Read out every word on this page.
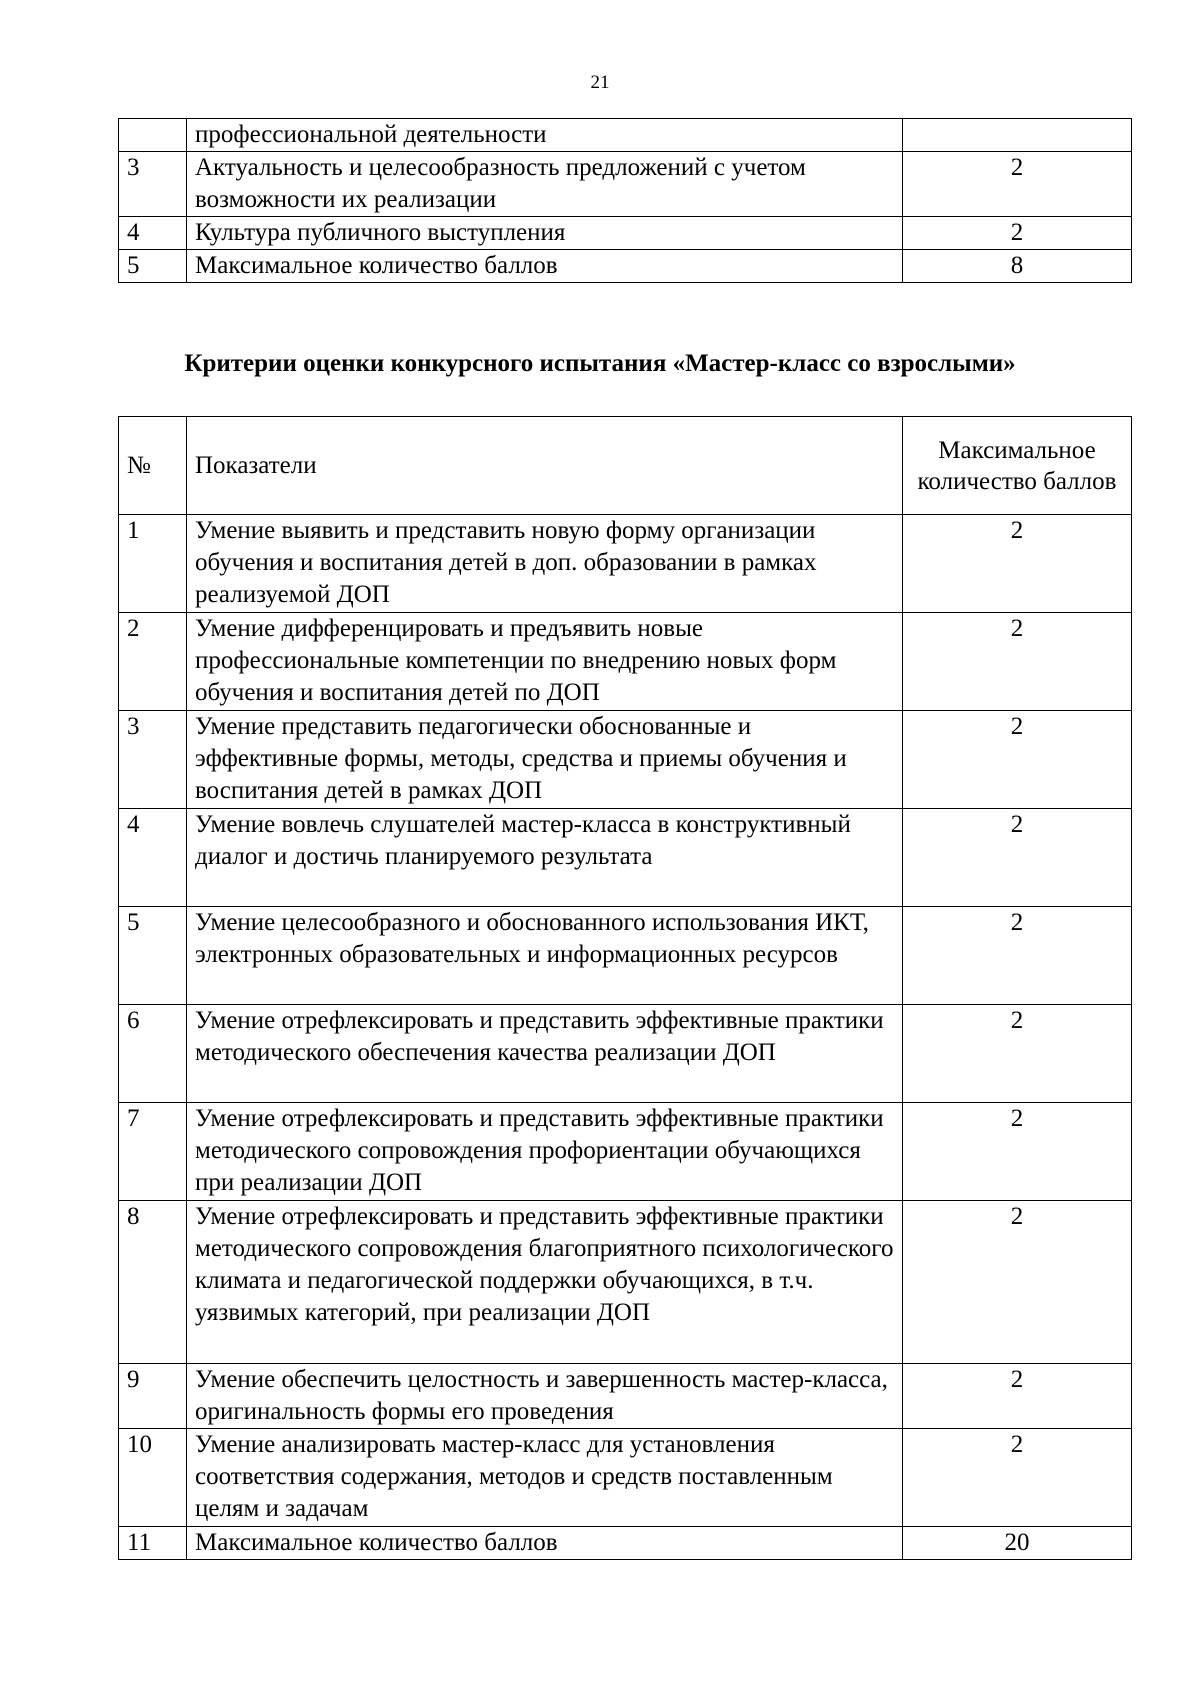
21
	профессиональной деятельности	
3	Актуальность и целесообразность предложений с учетом возможности их реализации	2
4	Культура публичного выступления	2
5	Максимальное количество баллов	8
Критерии оценки конкурсного испытания «Мастер-класс со взрослыми»
№	Показатели	Максимальное количество баллов
1	Умение выявить и представить новую форму организации обучения и воспитания детей в доп. образовании в рамках реализуемой ДОП	2
2	Умение дифференцировать и предъявить новые профессиональные компетенции по внедрению новых форм обучения и воспитания детей по ДОП	2
3	Умение представить педагогически обоснованные и эффективные формы, методы, средства и приемы обучения и воспитания детей в рамках ДОП	2
4	Умение вовлечь слушателей мастер-класса в конструктивный диалог и достичь планируемого результата	2
5	Умение целесообразного и обоснованного использования ИКТ, электронных образовательных и информационных ресурсов	2
6	Умение отрефлексировать и представить эффективные практики методического обеспечения качества реализации ДОП	2
7	Умение отрефлексировать и представить эффективные практики методического сопровождения профориентации обучающихся при реализации ДОП	2
8	Умение отрефлексировать и представить эффективные практики методического сопровождения благоприятного психологического климата и педагогической поддержки обучающихся, в т.ч. уязвимых категорий, при реализации ДОП	2
9	Умение обеспечить целостность и завершенность мастер-класса, оригинальность формы его проведения	2
10	Умение анализировать мастер-класс для установления соответствия содержания, методов и средств поставленным целям и задачам	2
11	Максимальное количество баллов	20
